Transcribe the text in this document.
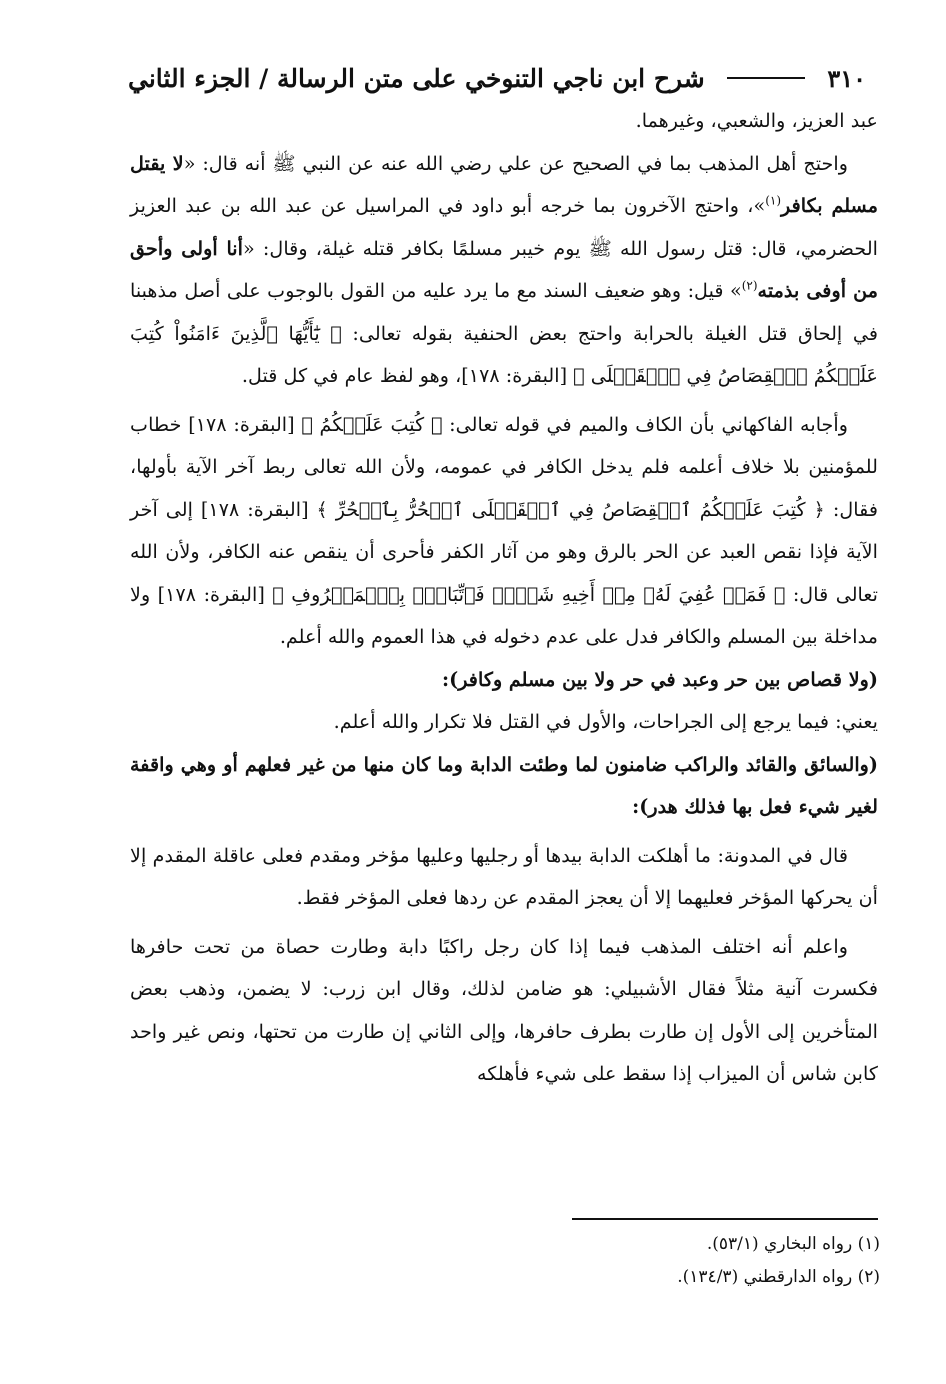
٣١٠
شرح ابن ناجي التنوخي على متن الرسالة / الجزء الثاني

عبد العزيز، والشعبي، وغيرهما.

واحتج أهل المذهب بما في الصحيح عن علي رضي الله عنه عن النبي ﷺ أنه قال: «لا يقتل مسلم بكافر$^{(١)}$»، واحتج الآخرون بما خرجه أبو داود في المراسيل عن عبد الله بن عبد العزيز الحضرمي، قال: قتل رسول الله ﷺ يوم خيبر مسلمًا بكافر قتله غيلة، وقال: «أنا أولى وأحق من أوفى بذمته$^{(٢)}$» قيل: وهو ضعيف السند مع ما يرد عليه من القول بالوجوب على أصل مذهبنا في إلحاق قتل الغيلة بالحرابة واحتج بعض الحنفية بقوله تعالى: ﴿ يَٰٓأَيُّهَا ٱلَّذِينَ ءَامَنُواْ كُتِبَ عَلَيۡكُمُ ٱلۡقِصَاصُ فِي ٱلۡقَتۡلَى ﴾ [البقرة: ١٧٨]، وهو لفظ عام في كل قتل.

وأجابه الفاكهاني بأن الكاف والميم في قوله تعالى: ﴿ كُتِبَ عَلَيۡكُمُ ﴾ [البقرة: ١٧٨] خطاب للمؤمنين بلا خلاف أعلمه فلم يدخل الكافر في عمومه، ولأن الله تعالى ربط آخر الآية بأولها، فقال: ﴿ كُتِبَ عَلَيۡكُمُ ٱلۡقِصَاصُ فِي ٱلۡقَتۡلَى ٱلۡحُرُّ بِٱلۡحُرِّ ﴾ [البقرة: ١٧٨] إلى آخر الآية فإذا نقص العبد عن الحر بالرق وهو من آثار الكفر فأحرى أن ينقص عنه الكافر، ولأن الله تعالى قال: ﴿ فَمَنۡ عُفِيَ لَهُۥ مِنۡ أَخِيهِ شَيۡءٞ فَٱتِّبَاعُۢ بِٱلۡمَعۡرُوفِ ﴾ [البقرة: ١٧٨] ولا مداخلة بين المسلم والكافر فدل على عدم دخوله في هذا العموم والله أعلم.

(ولا قصاص بين حر وعبد في حر ولا بين مسلم وكافر):

يعني: فيما يرجع إلى الجراحات، والأول في القتل فلا تكرار والله أعلم.

(والسائق والقائد والراكب ضامنون لما وطئت الدابة وما كان منها من غير فعلهم أو وهي واقفة لغير شيء فعل بها فذلك هدر):

قال في المدونة: ما أهلكت الدابة بيدها أو رجليها وعليها مؤخر ومقدم فعلى عاقلة المقدم إلا أن يحركها المؤخر فعليهما إلا أن يعجز المقدم عن ردها فعلى المؤخر فقط.

واعلم أنه اختلف المذهب فيما إذا كان رجل راكبًا دابة وطارت حصاة من تحت حافرها فكسرت آنية مثلاً فقال الأشبيلي: هو ضامن لذلك، وقال ابن زرب: لا يضمن، وذهب بعض المتأخرين إلى الأول إن طارت بطرف حافرها، وإلى الثاني إن طارت من تحتها، ونص غير واحد كابن شاس أن الميزاب إذا سقط على شيء فأهلكه

(١) رواه البخاري (٥٣/١).

(٢) رواه الدارقطني (١٣٤/٣).
